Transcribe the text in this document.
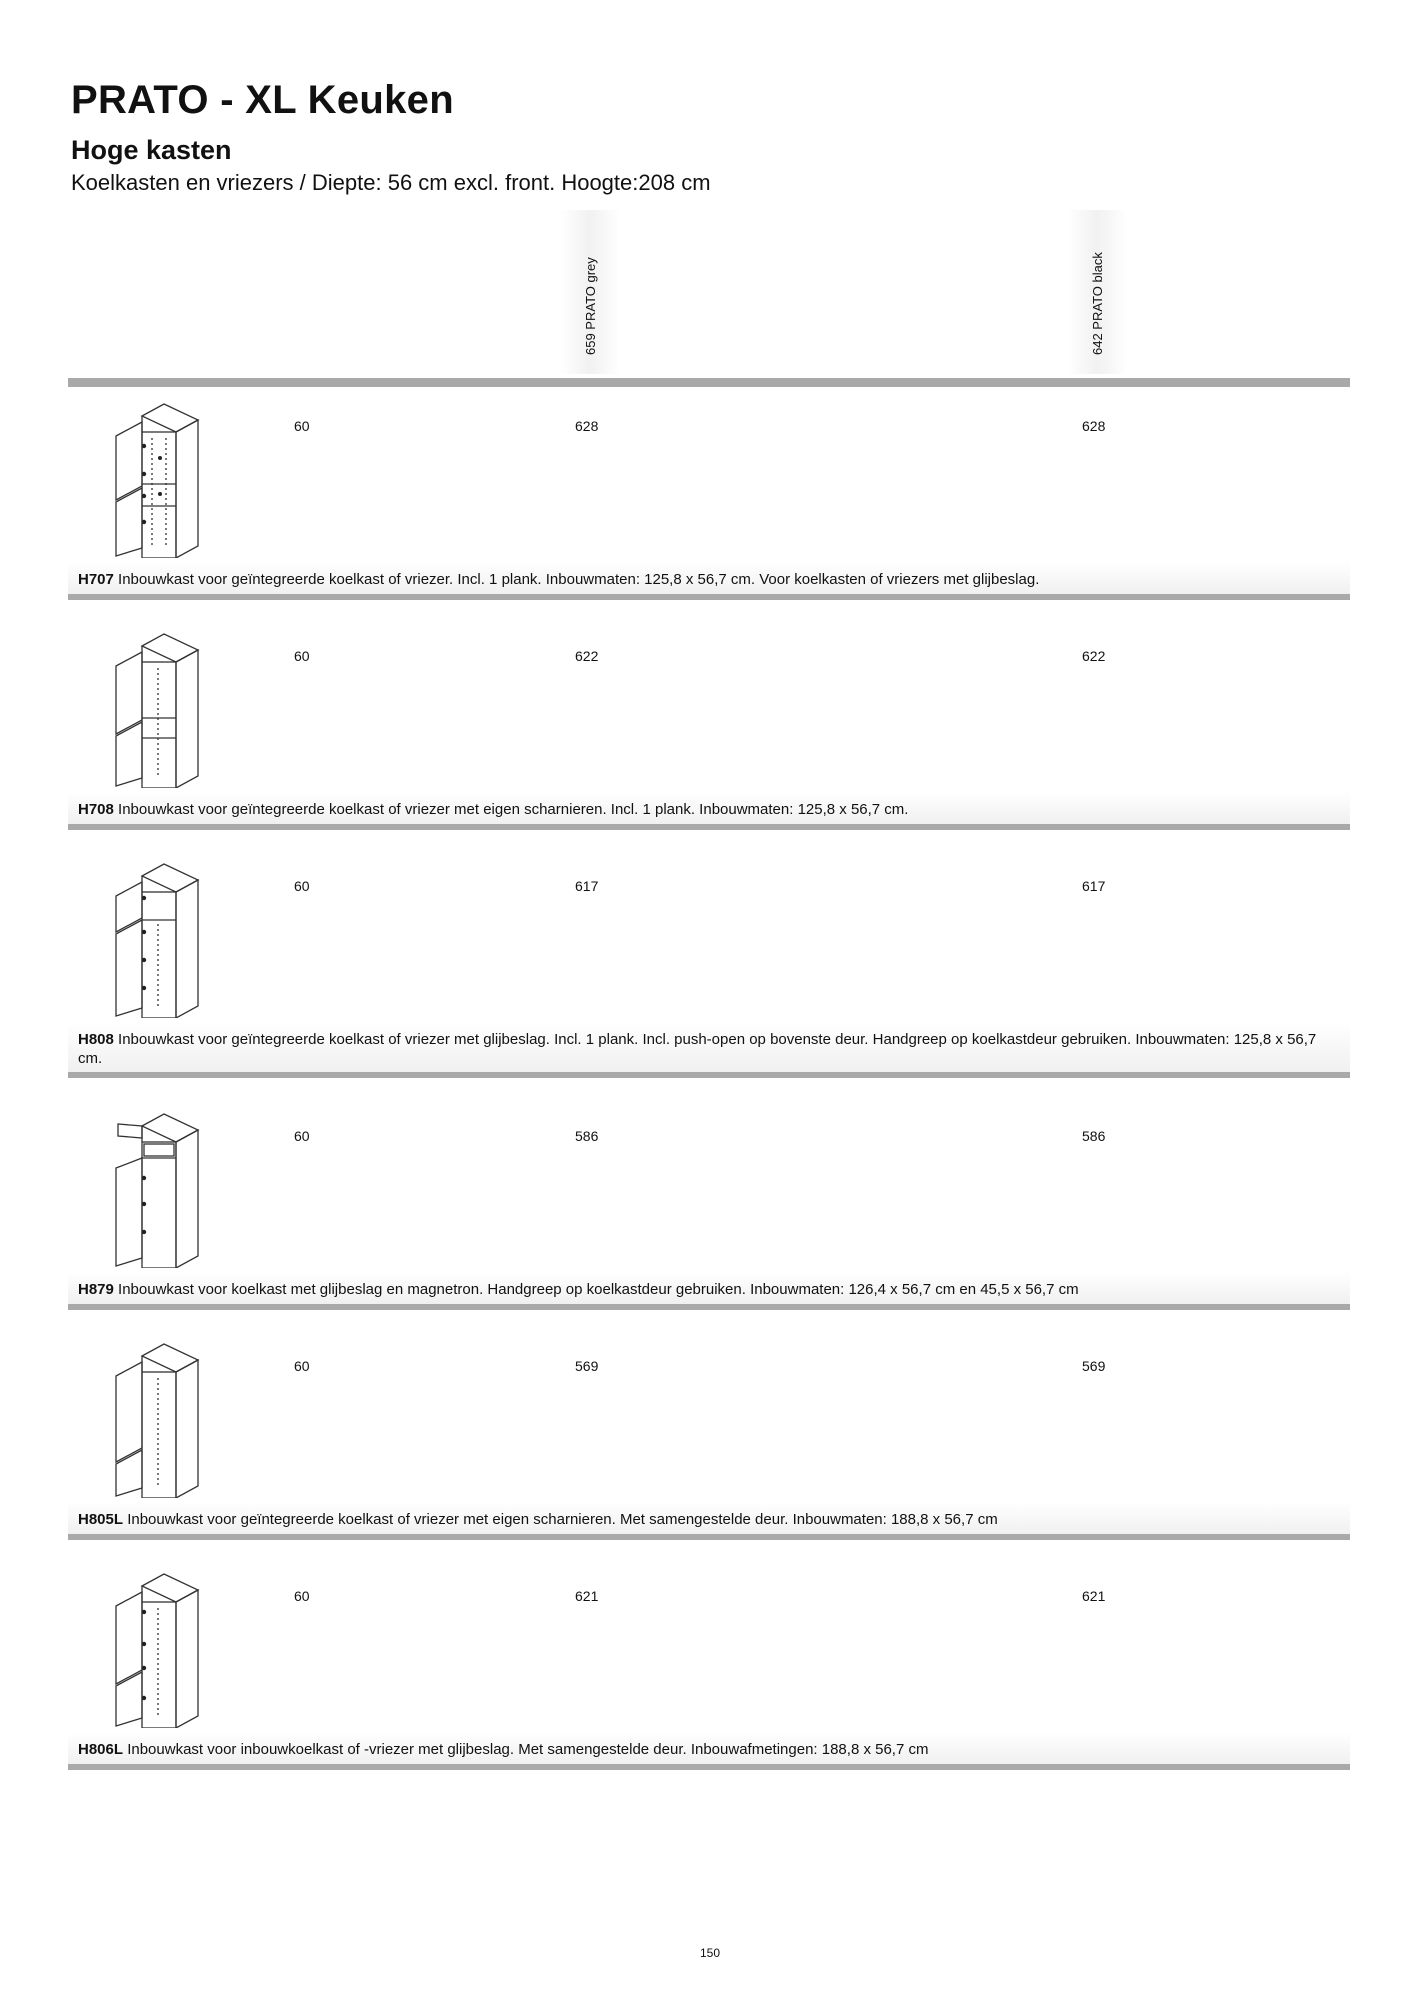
PRATO - XL Keuken
Hoge kasten
Koelkasten en vriezers / Diepte: 56 cm excl. front. Hoogte:208 cm
659 PRATO grey	642 PRATO black
60	628	628
H707 Inbouwkast voor geïntegreerde koelkast of vriezer. Incl. 1 plank. Inbouwmaten: 125,8 x 56,7 cm. Voor koelkasten of vriezers met glijbeslag.
60	622	622
H708 Inbouwkast voor geïntegreerde koelkast of vriezer met eigen scharnieren. Incl. 1 plank. Inbouwmaten: 125,8 x 56,7 cm.
60	617	617
H808 Inbouwkast voor geïntegreerde koelkast of vriezer met glijbeslag. Incl. 1 plank. Incl. push-open op bovenste deur. Handgreep op koelkastdeur gebruiken. Inbouwmaten: 125,8 x 56,7 cm.
60	586	586
H879 Inbouwkast voor koelkast met glijbeslag en magnetron. Handgreep op koelkastdeur gebruiken. Inbouwmaten: 126,4 x 56,7 cm en 45,5 x 56,7 cm
60	569	569
H805L Inbouwkast voor geïntegreerde koelkast of vriezer met eigen scharnieren. Met samengestelde deur. Inbouwmaten: 188,8 x 56,7 cm
60	621	621
H806L Inbouwkast voor inbouwkoelkast of -vriezer met glijbeslag. Met samengestelde deur. Inbouwafmetingen: 188,8 x 56,7 cm
150
